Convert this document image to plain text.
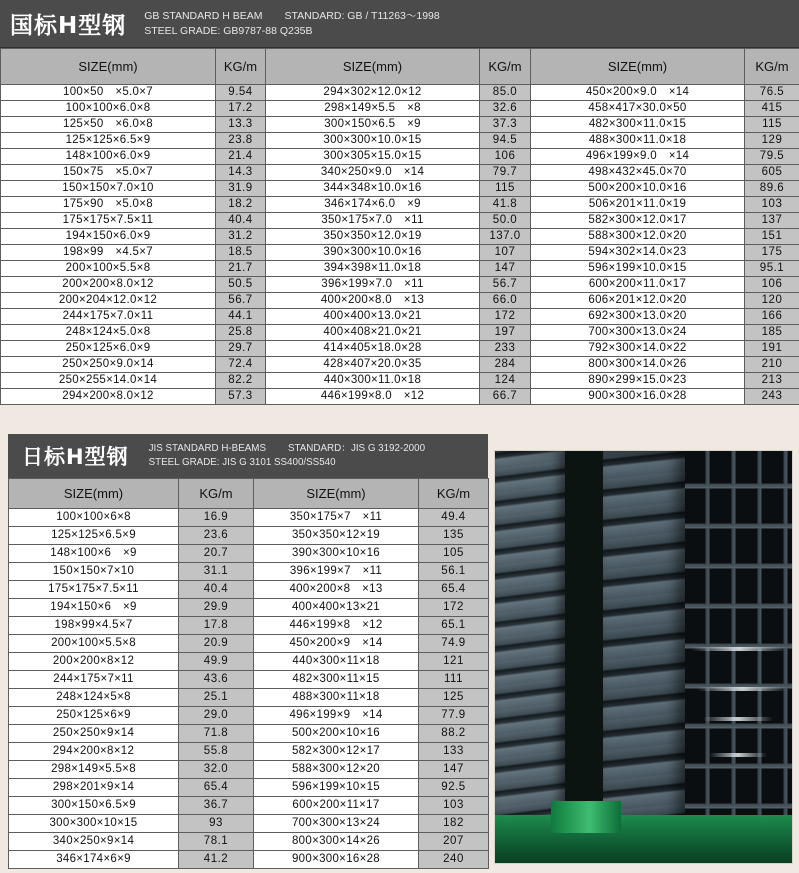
国标H型钢 GB STANDARD H BEAM STANDARD: GB / T11263～1998
STEEL GRADE: GB9787-88 Q235B
SIZE(mm)	KG/m	SIZE(mm)	KG/m	SIZE(mm)	KG/m
100×50　×5.0×7	9.54	294×302×12.0×12	85.0	450×200×9.0　×14	76.5
100×100×6.0×8	17.2	298×149×5.5　×8	32.6	458×417×30.0×50	415
125×50　×6.0×8	13.3	300×150×6.5　×9	37.3	482×300×11.0×15	115
125×125×6.5×9	23.8	300×300×10.0×15	94.5	488×300×11.0×18	129
148×100×6.0×9	21.4	300×305×15.0×15	106	496×199×9.0　×14	79.5
150×75　×5.0×7	14.3	340×250×9.0　×14	79.7	498×432×45.0×70	605
150×150×7.0×10	31.9	344×348×10.0×16	115	500×200×10.0×16	89.6
175×90　×5.0×8	18.2	346×174×6.0　×9	41.8	506×201×11.0×19	103
175×175×7.5×11	40.4	350×175×7.0　×11	50.0	582×300×12.0×17	137
194×150×6.0×9	31.2	350×350×12.0×19	137.0	588×300×12.0×20	151
198×99　×4.5×7	18.5	390×300×10.0×16	107	594×302×14.0×23	175
200×100×5.5×8	21.7	394×398×11.0×18	147	596×199×10.0×15	95.1
200×200×8.0×12	50.5	396×199×7.0　×11	56.7	600×200×11.0×17	106
200×204×12.0×12	56.7	400×200×8.0　×13	66.0	606×201×12.0×20	120
244×175×7.0×11	44.1	400×400×13.0×21	172	692×300×13.0×20	166
248×124×5.0×8	25.8	400×408×21.0×21	197	700×300×13.0×24	185
250×125×6.0×9	29.7	414×405×18.0×28	233	792×300×14.0×22	191
250×250×9.0×14	72.4	428×407×20.0×35	284	800×300×14.0×26	210
250×255×14.0×14	82.2	440×300×11.0×18	124	890×299×15.0×23	213
294×200×8.0×12	57.3	446×199×8.0　×12	66.7	900×300×16.0×28	243
日标H型钢 JIS STANDARD H-BEAMS STANDARD：JIS G 3192-2000
STEEL GRADE: JIS G 3101 SS400/SS540
SIZE(mm)	KG/m	SIZE(mm)	KG/m
100×100×6×8	16.9	350×175×7　×11	49.4
125×125×6.5×9	23.6	350×350×12×19	135
148×100×6　×9	20.7	390×300×10×16	105
150×150×7×10	31.1	396×199×7　×11	56.1
175×175×7.5×11	40.4	400×200×8　×13	65.4
194×150×6　×9	29.9	400×400×13×21	172
198×99×4.5×7	17.8	446×199×8　×12	65.1
200×100×5.5×8	20.9	450×200×9　×14	74.9
200×200×8×12	49.9	440×300×11×18	121
244×175×7×11	43.6	482×300×11×15	111
248×124×5×8	25.1	488×300×11×18	125
250×125×6×9	29.0	496×199×9　×14	77.9
250×250×9×14	71.8	500×200×10×16	88.2
294×200×8×12	55.8	582×300×12×17	133
298×149×5.5×8	32.0	588×300×12×20	147
298×201×9×14	65.4	596×199×10×15	92.5
300×150×6.5×9	36.7	600×200×11×17	103
300×300×10×15	93	700×300×13×24	182
340×250×9×14	78.1	800×300×14×26	207
346×174×6×9	41.2	900×300×16×28	240
